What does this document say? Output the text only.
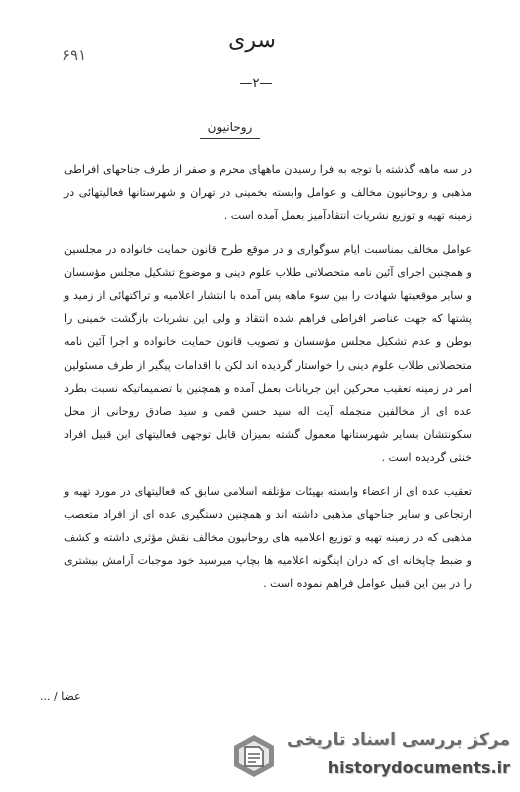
۶۹۱
سری
—۲—
روحانیون

در سه ماهه گذشته با توجه به فرا رسیدن ماههای محرم و صفر از طرف جناحهای افراطی مذهبی و روحانیون مخالف و عوامل وابسته بخمینی در تهران و شهرستانها فعالیتهائی در زمینه تهیه و توزیع نشریات انتقادآمیز بعمل آمده است .

عوامل مخالف بمناسبت ایام سوگواری و در موقع طرح قانون حمایت خانواده در مجلسین و همچنین اجرای آئین نامه متحصلاتی طلاب علوم دینی و موضوع تشکیل مجلس مؤسسان و سایر موقعیتها شهادت را بین سوء ماهه پس آمده با انتشار اعلامیه و تراکتهائی از زمید و پشتها که جهت عناصر افراطی فراهم شده انتقاد و ولی این نشریات بازگشت خمینی را بوطن و عدم تشکیل مجلس مؤسسان و تصویب قانون حمایت خانواده و اجرا آئین نامه متحصلاتی طلاب علوم دینی را خواستار گردیده اند لکن با اقدامات پیگیر از طرف مسئولین امر در زمینه تعقیب محرکین این جریانات بعمل آمده و همچنین با تصمیماتیکه نسبت بطرد عده ای از مخالفین منجمله آیت اله سید حسن قمی و سید صادق روحانی از محل سکونتشان بسایر شهرستانها معمول گشته بمیزان قابل توجهی فعالیتهای این قبیل افراد خنثی گردیده است .

تعقیب عده ای از اعضاء وابسته بهیئات مؤتلفه اسلامی سابق که فعالیتهای در مورد تهیه و ارتجاعی و سایر جناحهای مذهبی داشته اند و همچنین دستگیری عده ای از افراد متعصب مذهبی که در زمینه تهیه و توزیع اعلامیه های روحانیون مخالف نقش مؤثری داشته و کشف و ضبط چاپخانه ای که دران اینگونه اعلامیه ها بچاپ میرسید خود موجبات آرامش بیشتری را در بین این قبیل عوامل فراهم نموده است .

عضا / ...
مرکز بررسی اسناد تاریخی
historydocuments.ir
